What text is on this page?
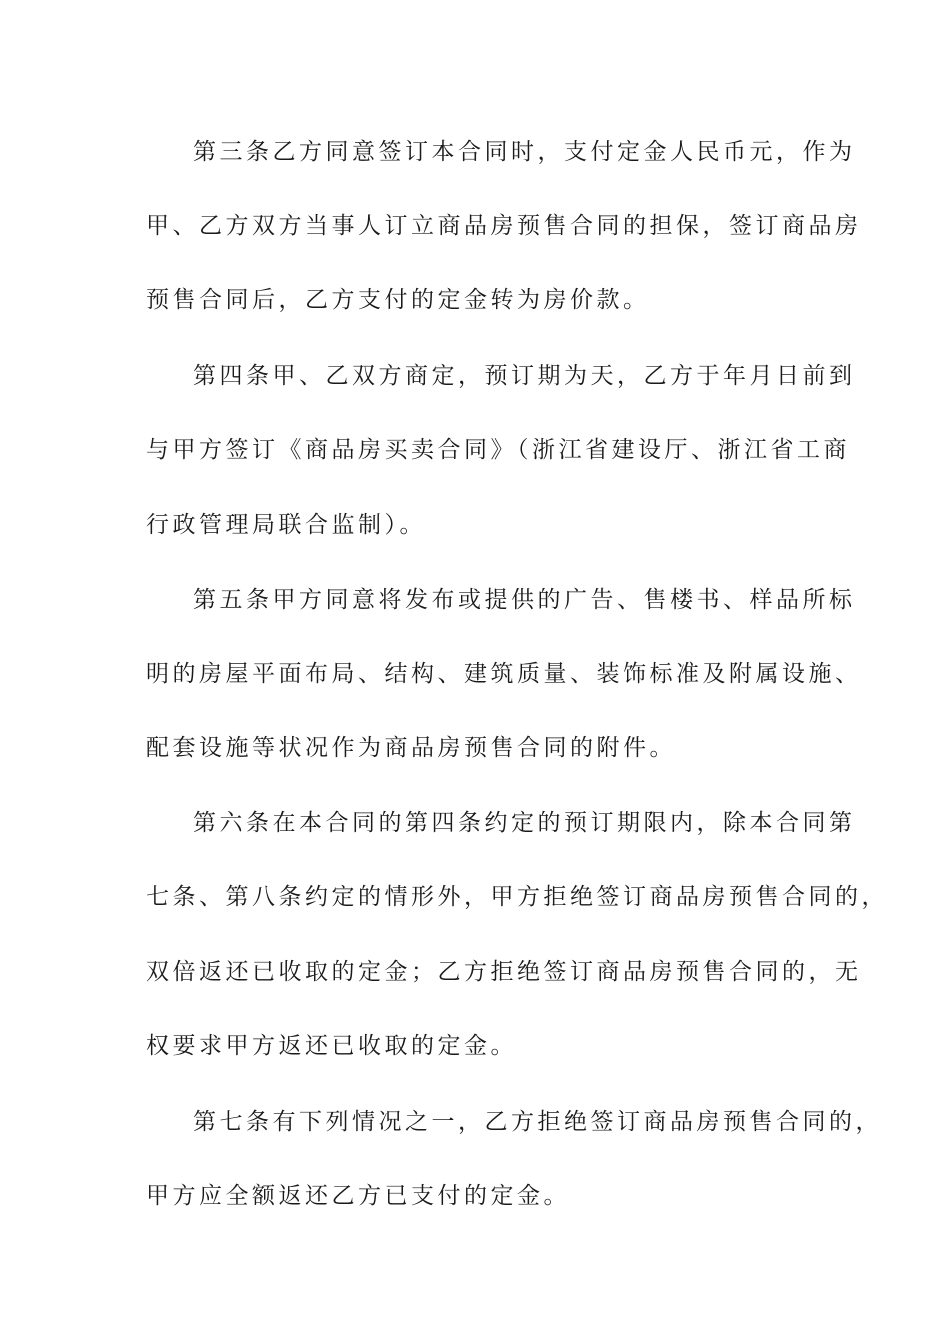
第三条乙方同意签订本合同时，支付定金人民币元，作为
甲、乙方双方当事人订立商品房预售合同的担保，签订商品房
预售合同后，乙方支付的定金转为房价款。
第四条甲、乙双方商定，预订期为天，乙方于年月日前到
与甲方签订《商品房买卖合同》（浙江省建设厅、浙江省工商
行政管理局联合监制）。
第五条甲方同意将发布或提供的广告、售楼书、样品所标
明的房屋平面布局、结构、建筑质量、装饰标准及附属设施、
配套设施等状况作为商品房预售合同的附件。
第六条在本合同的第四条约定的预订期限内，除本合同第
七条、第八条约定的情形外，甲方拒绝签订商品房预售合同的，
双倍返还已收取的定金；乙方拒绝签订商品房预售合同的，无
权要求甲方返还已收取的定金。
第七条有下列情况之一，乙方拒绝签订商品房预售合同的，
甲方应全额返还乙方已支付的定金。
